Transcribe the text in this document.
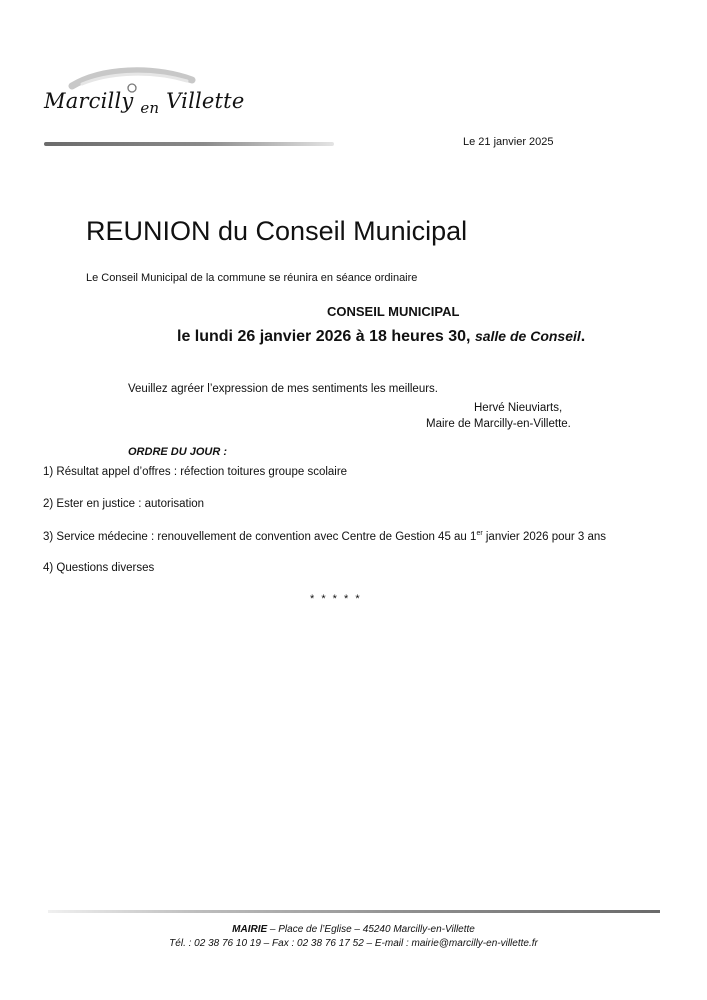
Marcilly $_{en}$ Villette
Le 21 janvier 2025
REUNION du Conseil Municipal
Le Conseil Municipal de la commune se réunira en séance ordinaire
CONSEIL MUNICIPAL
le lundi 26 janvier 2026 à 18 heures 30, salle de Conseil.
Veuillez agréer l’expression de mes sentiments les meilleurs.
Hervé Nieuviarts,
Maire de Marcilly-en-Villette.
ORDRE DU JOUR :
1) Résultat appel d’offres : réfection toitures groupe scolaire
2) Ester en justice : autorisation
3) Service médecine : renouvellement de convention avec Centre de Gestion 45 au 1er janvier 2026 pour 3 ans
4) Questions diverses
* * * * *
MAIRIE – Place de l’Eglise – 45240 Marcilly-en-Villette
Tél. : 02 38 76 10 19 – Fax : 02 38 76 17 52 – E-mail : mairie@marcilly-en-villette.fr
